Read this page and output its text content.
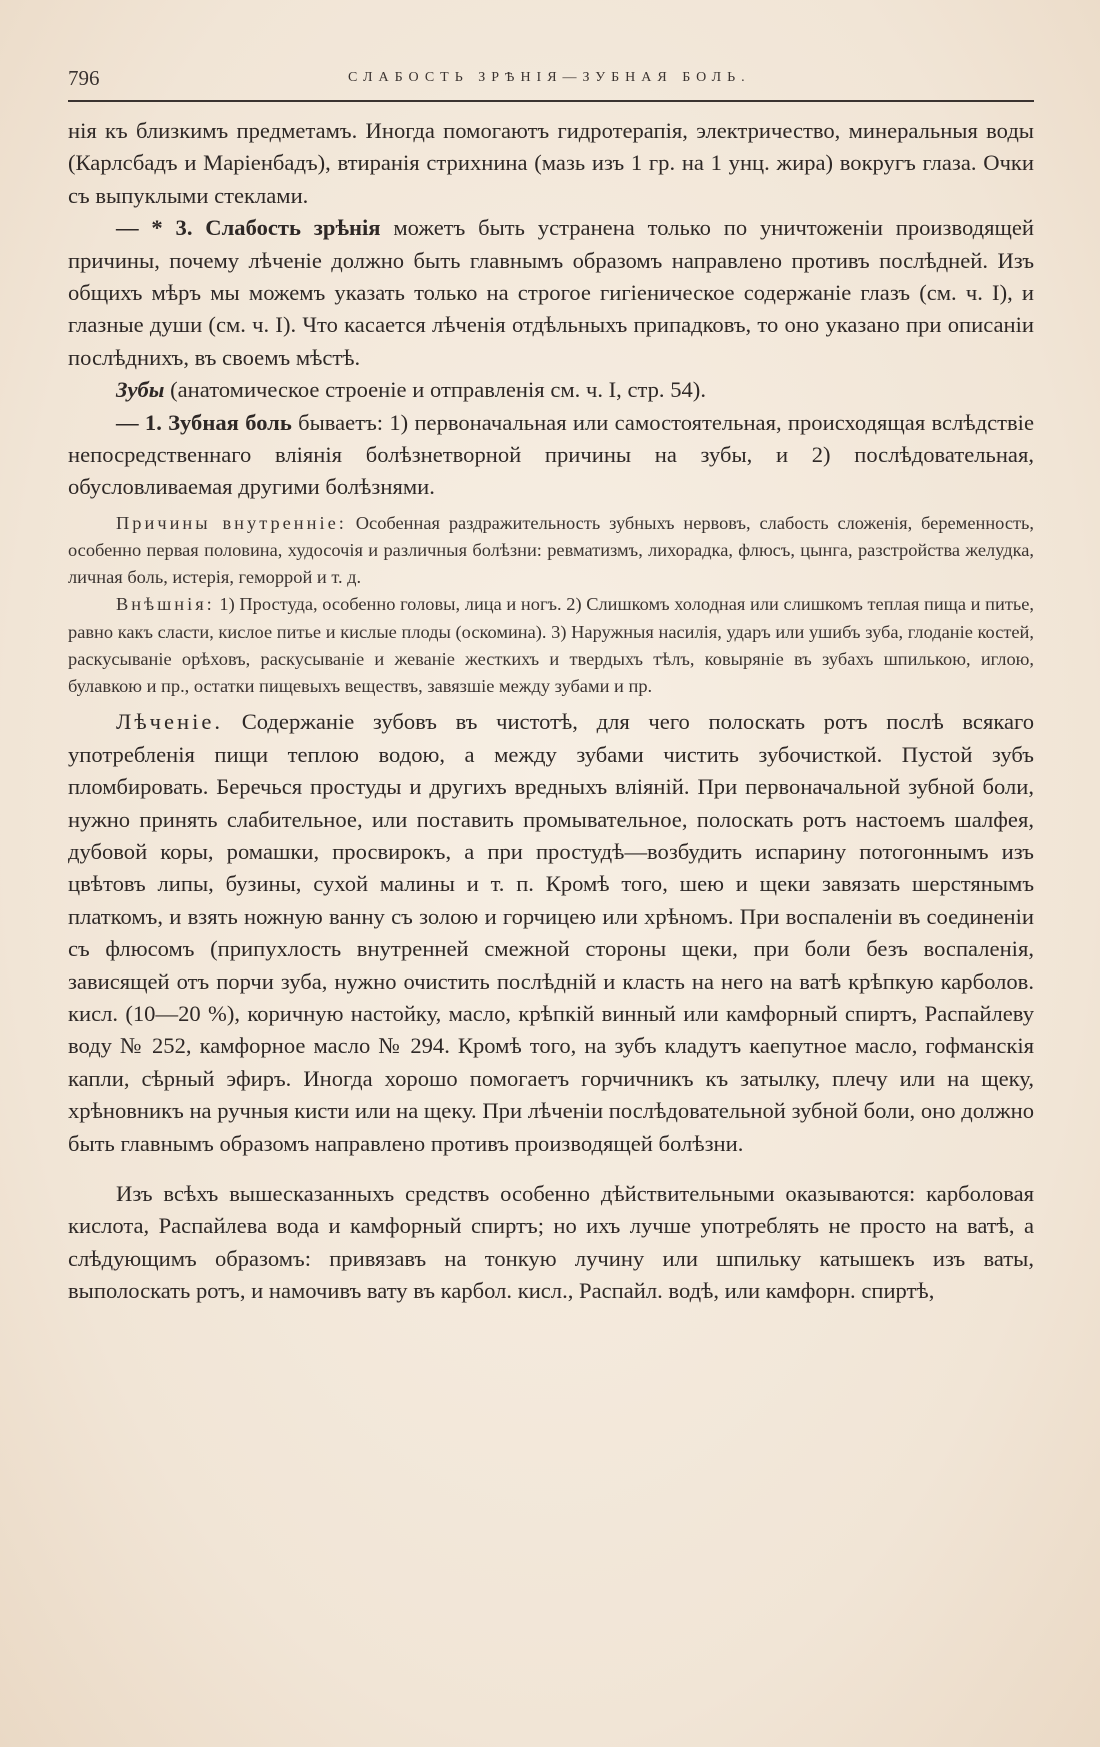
796	СЛАБОСТЬ ЗРѢНІЯ—ЗУБНАЯ БОЛЬ.

нія къ близкимъ предметамъ. Иногда помогаютъ гидротерапія, электричество, минеральныя воды (Карлсбадъ и Маріенбадъ), втиранія стрихнина (мазь изъ 1 гр. на 1 унц. жира) вокругъ глаза. Очки съ выпуклыми стеклами.

— * 3. Слабость зрѣнія можетъ быть устранена только по уничтоженіи производящей причины, почему лѣченіе должно быть главнымъ образомъ направлено противъ послѣдней. Изъ общихъ мѣръ мы можемъ указать только на строгое гигіеническое содержаніе глазъ (см. ч. I), и глазные души (см. ч. I). Что касается лѣченія отдѣльныхъ припадковъ, то оно указано при описаніи послѣднихъ, въ своемъ мѣстѣ.

Зубы (анатомическое строеніе и отправленія см. ч. I, стр. 54).

— 1. Зубная боль бываетъ: 1) первоначальная или самостоятельная, происходящая вслѣдствіе непосредственнаго вліянія болѣзнетворной причины на зубы, и 2) послѣдовательная, обусловливаемая другими болѣзнями.

Причины внутренніе: Особенная раздражительность зубныхъ нервовъ, слабость сложенія, беременность, особенно первая половина, худосочія и различныя болѣзни: ревматизмъ, лихорадка, флюсъ, цынга, разстройства желудка, личная боль, истерія, геморрой и т. д.

Внѣшнія: 1) Простуда, особенно головы, лица и ногъ. 2) Слишкомъ холодная или слишкомъ теплая пища и питье, равно какъ сласти, кислое питье и кислые плоды (оскомина). 3) Наружныя насилія, ударъ или ушибъ зуба, глоданіе костей, раскусываніе орѣховъ, раскусываніе и жеваніе жесткихъ и твердыхъ тѣлъ, ковыряніе въ зубахъ шпилькою, иглою, булавкою и пр., остатки пищевыхъ веществъ, завязшіе между зубами и пр.

Лѣченіе. Содержаніе зубовъ въ чистотѣ, для чего полоскать ротъ послѣ всякаго употребленія пищи теплою водою, а между зубами чистить зубочисткой. Пустой зубъ пломбировать. Беречься простуды и другихъ вредныхъ вліяній. При первоначальной зубной боли, нужно принять слабительное, или поставить промывательное, полоскать ротъ настоемъ шалфея, дубовой коры, ромашки, просвирокъ, а при простудѣ—возбудить испарину потогоннымъ изъ цвѣтовъ липы, бузины, сухой малины и т. п. Кромѣ того, шею и щеки завязать шерстянымъ платкомъ, и взять ножную ванну съ золою и горчицею или хрѣномъ. При воспаленіи въ соединеніи съ флюсомъ (припухлость внутренней смежной стороны щеки, при боли безъ воспаленія, зависящей отъ порчи зуба, нужно очистить послѣдній и класть на него на ватѣ крѣпкую карболов. кисл. (10—20 %), коричную настойку, масло, крѣпкій винный или камфорный спиртъ, Распайлеву воду № 252, камфорное масло № 294. Кромѣ того, на зубъ кладутъ каепутное масло, гофманскія капли, сѣрный эфиръ. Иногда хорошо помогаетъ горчичникъ къ затылку, плечу или на щеку, хрѣновникъ на ручныя кисти или на щеку. При лѣченіи послѣдовательной зубной боли, оно должно быть главнымъ образомъ направлено противъ производящей болѣзни.

Изъ всѣхъ вышесказанныхъ средствъ особенно дѣйствительными оказываются: карболовая кислота, Распайлева вода и камфорный спиртъ; но ихъ лучше употреблять не просто на ватѣ, а слѣдующимъ образомъ: привязавъ на тонкую лучину или шпильку катышекъ изъ ваты, выполоскать ротъ, и намочивъ вату въ карбол. кисл., Распайл. водѣ, или камфорн. спиртѣ,
